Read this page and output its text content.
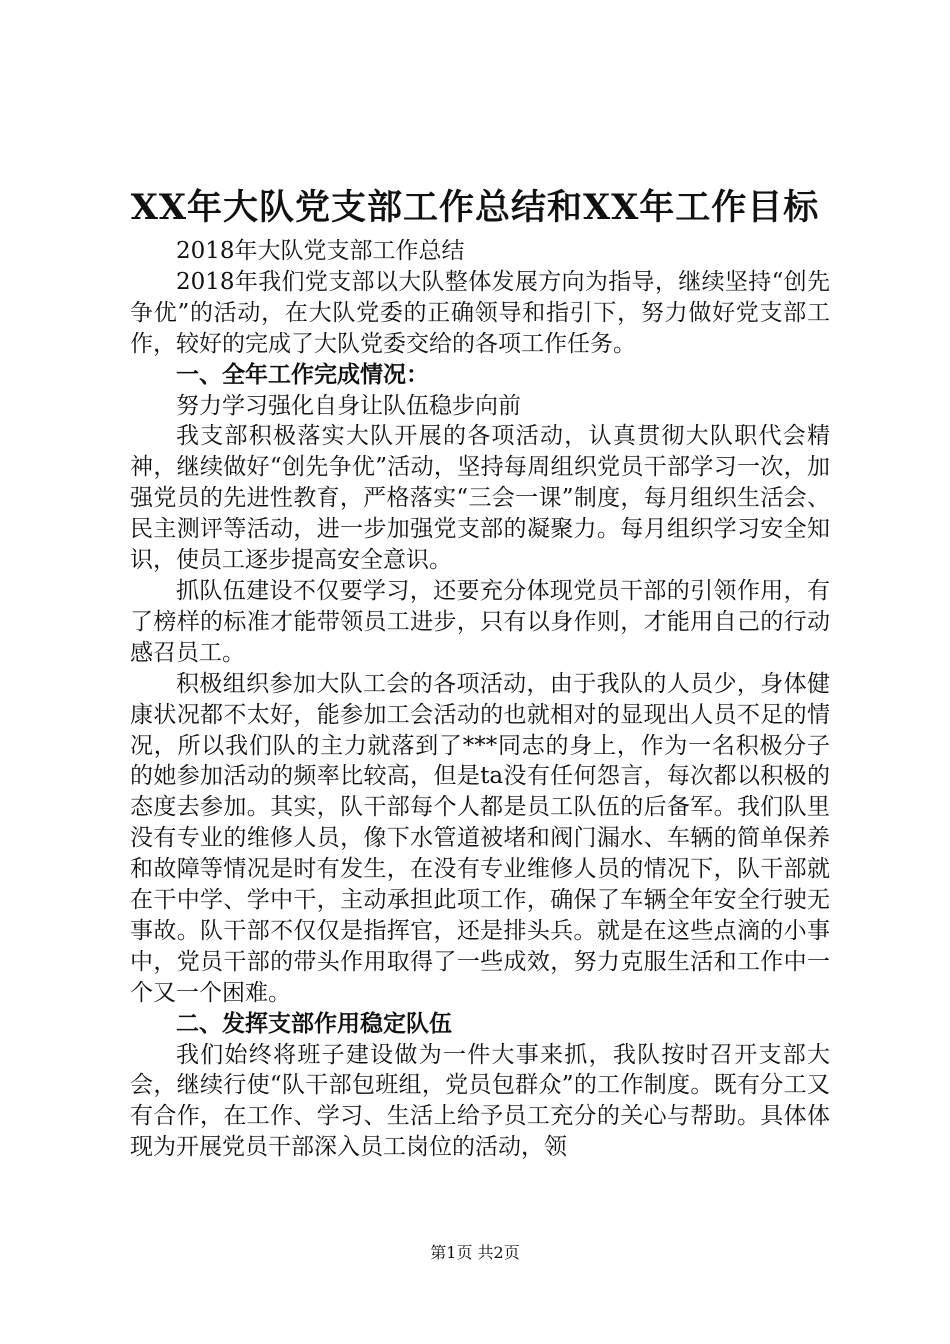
XX年大队党支部工作总结和XX年工作目标

2018年大队党支部工作总结

2018年我们党支部以大队整体发展方向为指导，继续坚持“创先争优”的活动，在大队党委的正确领导和指引下，努力做好党支部工作，较好的完成了大队党委交给的各项工作任务。

一、全年工作完成情况：

努力学习强化自身让队伍稳步向前

我支部积极落实大队开展的各项活动，认真贯彻大队职代会精神，继续做好“创先争优”活动，坚持每周组织党员干部学习一次，加强党员的先进性教育，严格落实“三会一课”制度，每月组织生活会、民主测评等活动，进一步加强党支部的凝聚力。每月组织学习安全知识，使员工逐步提高安全意识。

抓队伍建设不仅要学习，还要充分体现党员干部的引领作用，有了榜样的标准才能带领员工进步，只有以身作则，才能用自己的行动感召员工。

积极组织参加大队工会的各项活动，由于我队的人员少，身体健康状况都不太好，能参加工会活动的也就相对的显现出人员不足的情况，所以我们队的主力就落到了***同志的身上，作为一名积极分子的她参加活动的频率比较高，但是ta没有任何怨言，每次都以积极的态度去参加。其实，队干部每个人都是员工队伍的后备军。我们队里没有专业的维修人员，像下水管道被堵和阀门漏水、车辆的简单保养和故障等情况是时有发生，在没有专业维修人员的情况下，队干部就在干中学、学中干，主动承担此项工作，确保了车辆全年安全行驶无事故。队干部不仅仅是指挥官，还是排头兵。就是在这些点滴的小事中，党员干部的带头作用取得了一些成效，努力克服生活和工作中一个又一个困难。

二、发挥支部作用稳定队伍

我们始终将班子建设做为一件大事来抓，我队按时召开支部大会，继续行使“队干部包班组，党员包群众”的工作制度。既有分工又有合作，在工作、学习、生活上给予员工充分的关心与帮助。具体体现为开展党员干部深入员工岗位的活动，领

第1页 共2页
